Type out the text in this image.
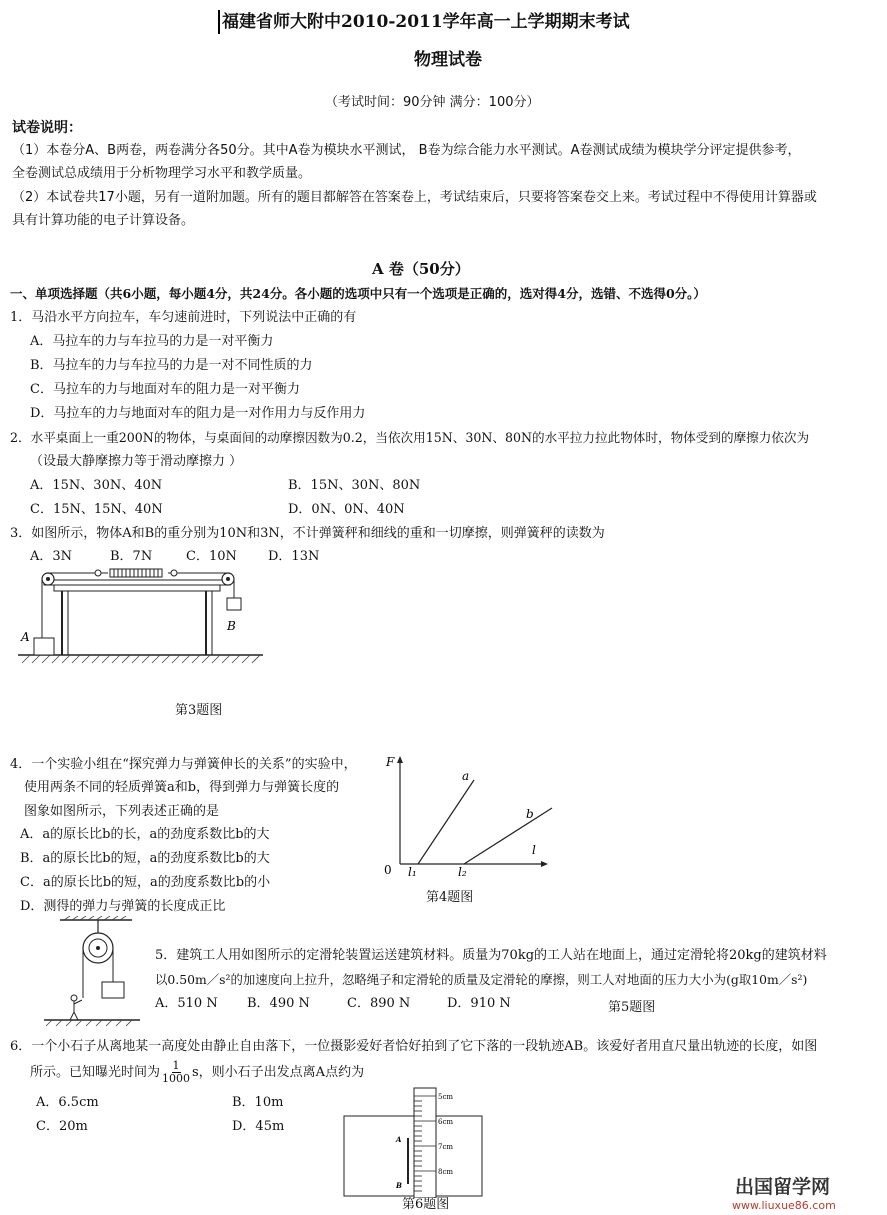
福建省师大附中2010-2011学年高一上学期期末考试
物理试卷
（考试时间：90分钟 满分：100分）
试卷说明：
（1）本卷分A、B两卷，两卷满分各50分。其中A卷为模块水平测试， B卷为综合能力水平测试。A卷测试成绩为模块学分评定提供参考，
全卷测试总成绩用于分析物理学习水平和教学质量。
（2）本试卷共17小题，另有一道附加题。所有的题目都解答在答案卷上，考试结束后，只要将答案卷交上来。考试过程中不得使用计算器或
具有计算功能的电子计算设备。
A 卷（50分）
一、单项选择题（共6小题，每小题4分，共24分。各小题的选项中只有一个选项是正确的，选对得4分，选错、不选得0分。）
1．马沿水平方向拉车，车匀速前进时，下列说法中正确的有
A．马拉车的力与车拉马的力是一对平衡力
B．马拉车的力与车拉马的力是一对不同性质的力
C．马拉车的力与地面对车的阻力是一对平衡力
D．马拉车的力与地面对车的阻力是一对作用力与反作用力
2．水平桌面上一重200N的物体，与桌面间的动摩擦因数为0.2，当依次用15N、30N、80N的水平拉力拉此物体时，物体受到的摩擦力依次为
（设最大静摩擦力等于滑动摩擦力 ）
A．15N、30N、40N	B．15N、30N、80N
C．15N、15N、40N	D．0N、0N、40N
3．如图所示，物体A和B的重分别为10N和3N，不计弹簧秤和细线的重和一切摩擦，则弹簧秤的读数为
A．3N	B．7N	C．10N D．13N
A
B
第3题图
4．一个实验小组在“探究弹力与弹簧伸长的关系”的实验中，
使用两条不同的轻质弹簧a和b，得到弹力与弹簧长度的
图象如图所示，下列表述正确的是
A．a的原长比b的长，a的劲度系数比b的大
B．a的原长比b的短，a的劲度系数比b的大
C．a的原长比b的短，a的劲度系数比b的小
D．测得的弹力与弹簧的长度成正比
F
l
0 l₁	l₂
a
b
第4题图
5．建筑工人用如图所示的定滑轮装置运送建筑材料。质量为70kg的工人站在地面上，通过定滑轮将20kg的建筑材料
以0.50m／s²的加速度向上拉升，忽略绳子和定滑轮的质量及定滑轮的摩擦，则工人对地面的压力大小为(g取10m／s²)
A．510 N B．490 N	C．890 N	D．910 N	第5题图
6．一个小石子从离地某一高度处由静止自由落下，一位摄影爱好者恰好拍到了它下落的一段轨迹AB。该爱好者用直尺量出轨迹的长度，如图
所示。已知曝光时间为 $\frac{1}{1000}$ s，则小石子出发点离A点约为
A．6.5cm	B．10m
C．20m	D．45m
5cm
6cm
7cm
8cm
A
B
第6题图
出国留学网
www.liuxue86.com
